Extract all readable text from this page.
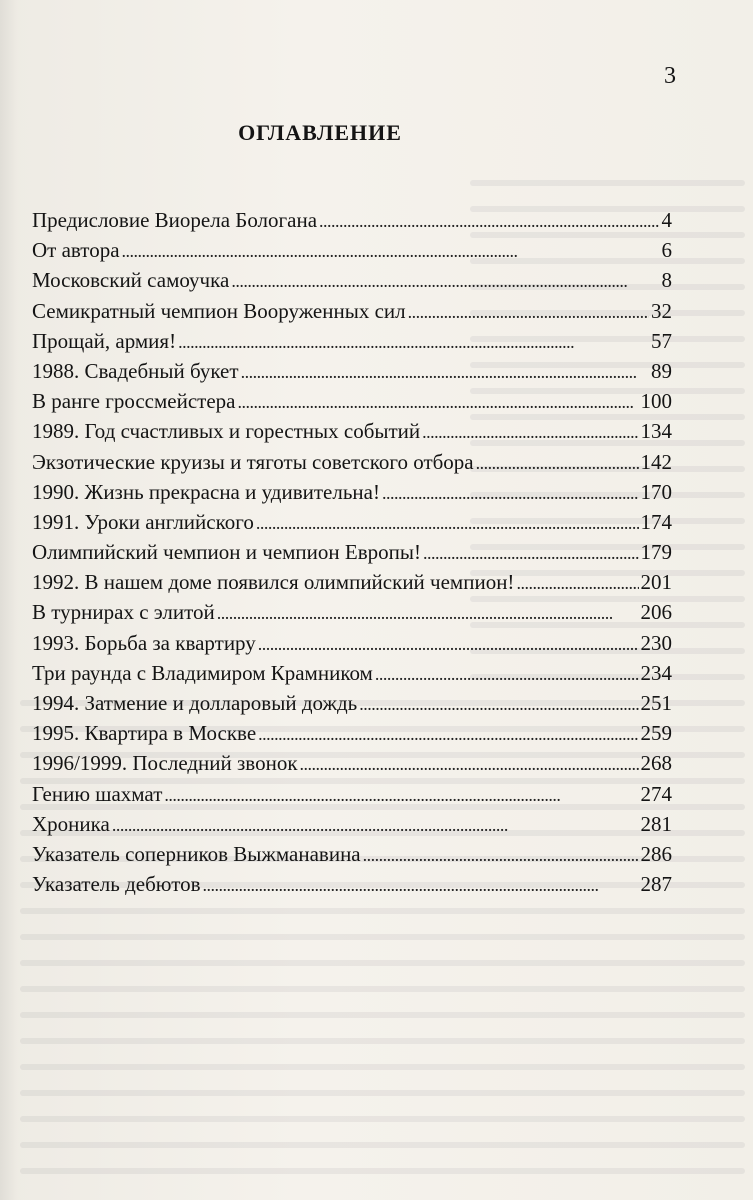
3
ОГЛАВЛЕНИЕ
Предисловие Виорела Бологана . . .	4
От автора . . .	6
Московский самоучка . . .	8
Семикратный чемпион Вооруженных сил . . .	32
Прощай, армия! . . .	57
1988. Свадебный букет . . .	89
В ранге гроссмейстера . . .	100
1989. Год счастливых и горестных событий . . .	134
Экзотические круизы и тяготы советского отбора . . .	142
1990. Жизнь прекрасна и удивительна! . . .	170
1991. Уроки английского . . .	174
Олимпийский чемпион и чемпион Европы! . . .	179
1992. В нашем доме появился олимпийский чемпион! . . .	201
В турнирах с элитой . . .	206
1993. Борьба за квартиру . . .	230
Три раунда с Владимиром Крамником . . .	234
1994. Затмение и долларовый дождь . . .	251
1995. Квартира в Москве . . .	259
1996/1999. Последний звонок . . .	268
Гению шахмат . . .	274
Хроника . . .	281
Указатель соперников Выжманавина . . .	286
Указатель дебютов . . .	287
